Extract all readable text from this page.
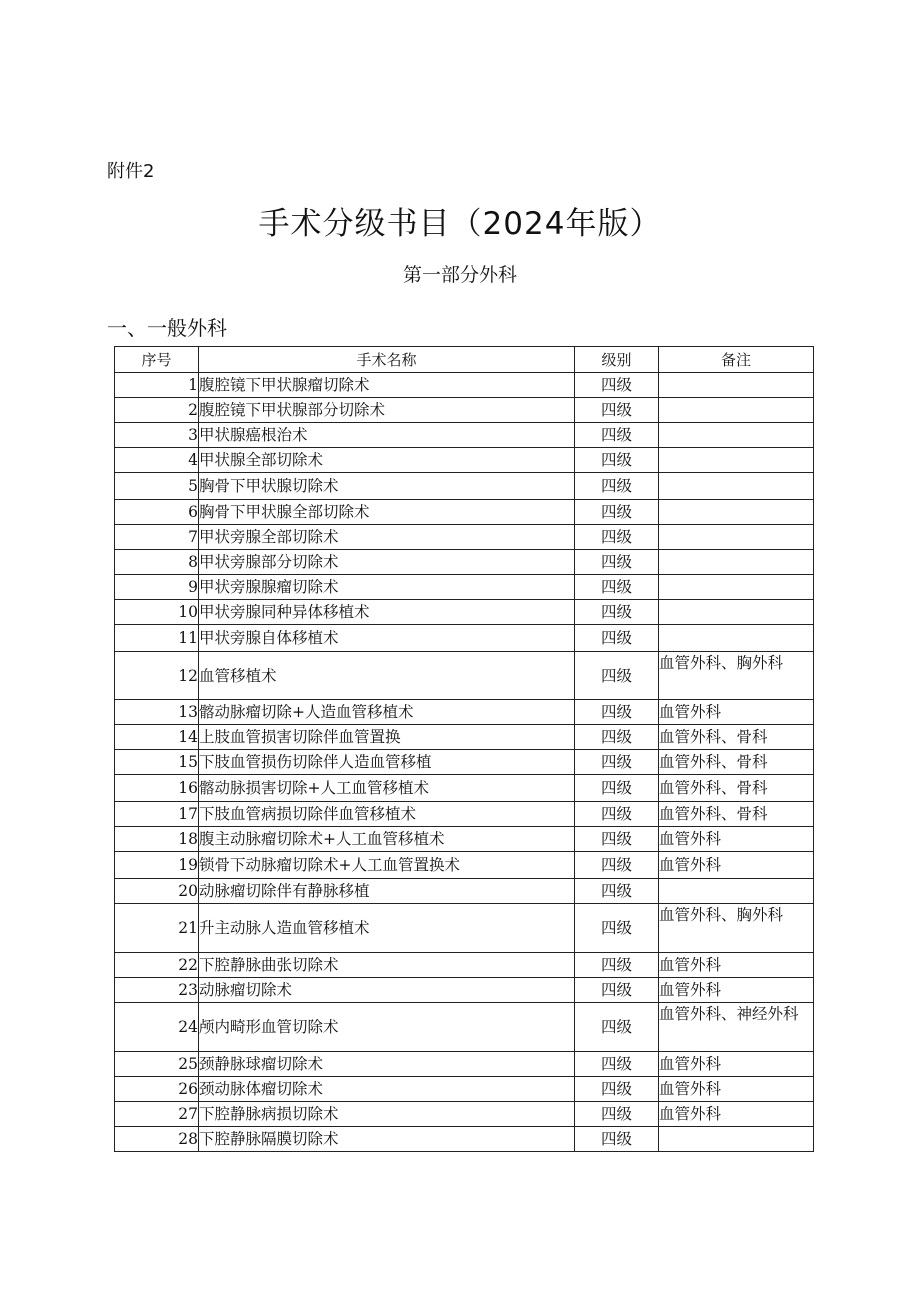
附件2
手术分级书目（2024年版）
第一部分外科
一、一般外科
序号	手术名称	级别	备注
1	腹腔镜下甲状腺瘤切除术	四级	
2	腹腔镜下甲状腺部分切除术	四级	
3	甲状腺癌根治术	四级	
4	甲状腺全部切除术	四级	
5	胸骨下甲状腺切除术	四级	
6	胸骨下甲状腺全部切除术	四级	
7	甲状旁腺全部切除术	四级	
8	甲状旁腺部分切除术	四级	
9	甲状旁腺腺瘤切除术	四级	
10	甲状旁腺同种异体移植术	四级	
11	甲状旁腺自体移植术	四级	
12	血管移植术	四级	血管外科、胸外科
13	髂动脉瘤切除+人造血管移植术	四级	血管外科
14	上肢血管损害切除伴血管置换	四级	血管外科、骨科
15	下肢血管损伤切除伴人造血管移植	四级	血管外科、骨科
16	髂动脉损害切除+人工血管移植术	四级	血管外科、骨科
17	下肢血管病损切除伴血管移植术	四级	血管外科、骨科
18	腹主动脉瘤切除术+人工血管移植术	四级	血管外科
19	锁骨下动脉瘤切除术+人工血管置换术	四级	血管外科
20	动脉瘤切除伴有静脉移植	四级	
21	升主动脉人造血管移植术	四级	血管外科、胸外科
22	下腔静脉曲张切除术	四级	血管外科
23	动脉瘤切除术	四级	血管外科
24	颅内畸形血管切除术	四级	血管外科、神经外科
25	颈静脉球瘤切除术	四级	血管外科
26	颈动脉体瘤切除术	四级	血管外科
27	下腔静脉病损切除术	四级	血管外科
28	下腔静脉隔膜切除术	四级	
